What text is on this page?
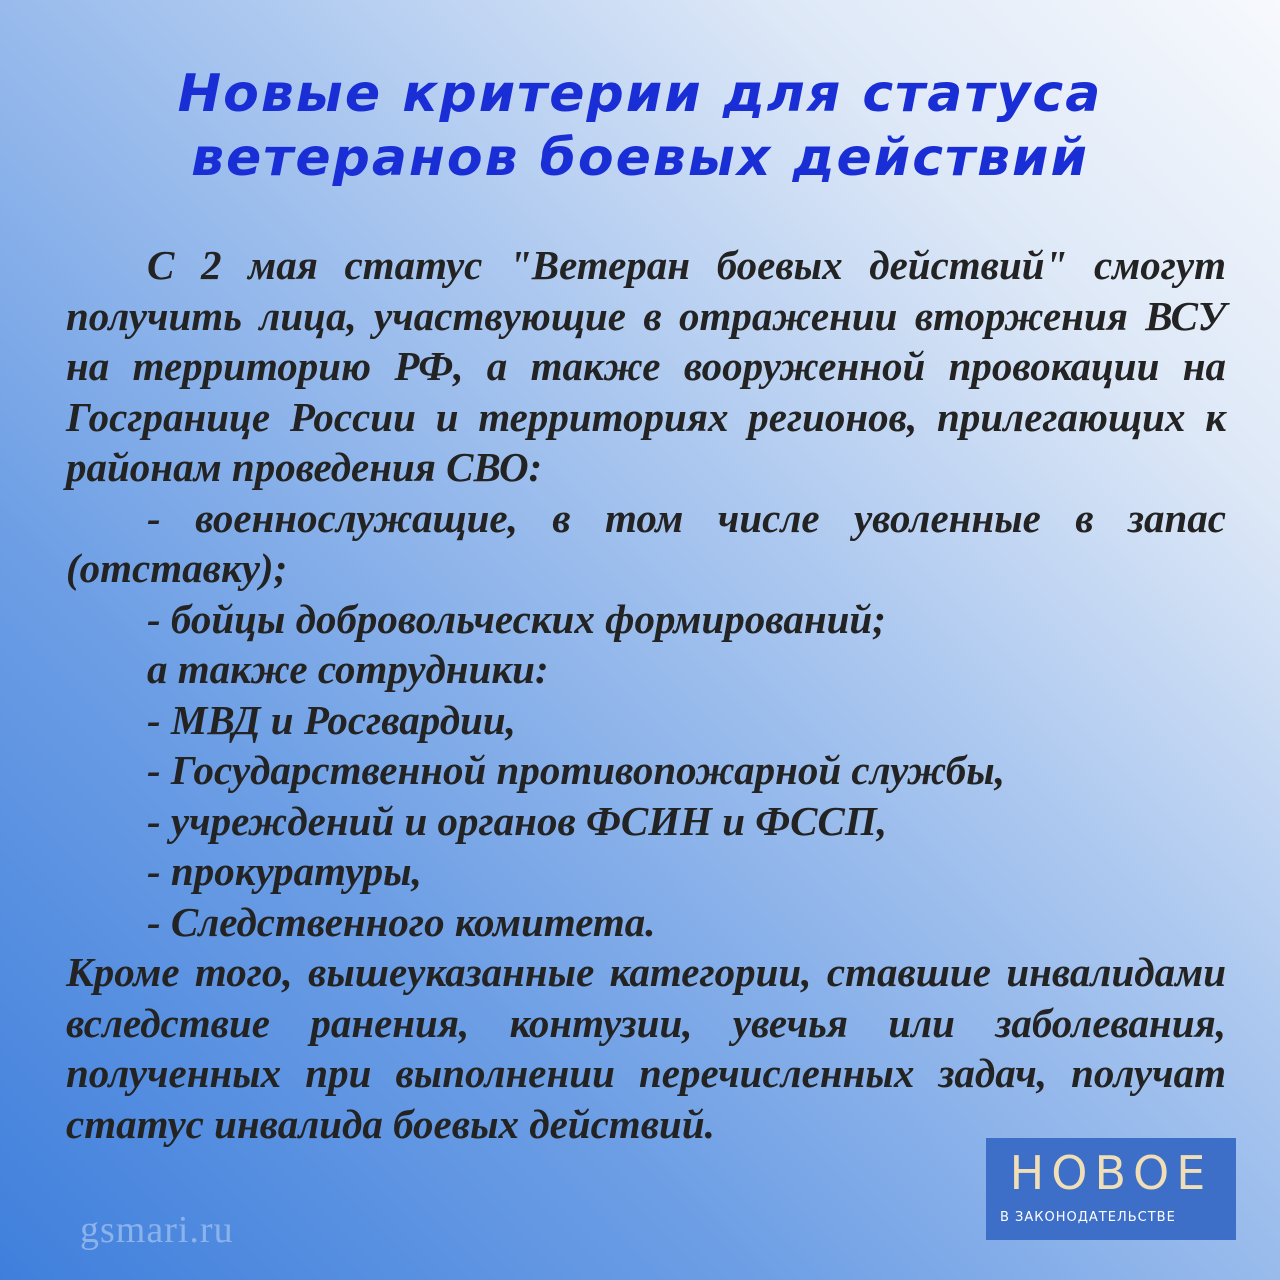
Новые критерии для статуса
ветеранов боевых действий

С 2 мая статус "Ветеран боевых действий" смогут получить лица, участвующие в отражении вторжения ВСУ на территорию РФ, а также вооруженной провокации на Госгранице России и территориях регионов, прилегающих к районам проведения СВО:

- военнослужащие, в том числе уволенные в запас (отставку);

- бойцы добровольческих формирований;

а также сотрудники:

- МВД и Росгвардии,

- Государственной противопожарной службы,

- учреждений и органов ФСИН и ФССП,

- прокуратуры,

- Следственного комитета.

Кроме того, вышеуказанные категории, ставшие инвалидами вследствие ранения, контузии, увечья или заболевания, полученных при выполнении перечисленных задач, получат статус инвалида боевых действий.

gsmari.ru
НОВОЕ
В ЗАКОНОДАТЕЛЬСТВЕ
